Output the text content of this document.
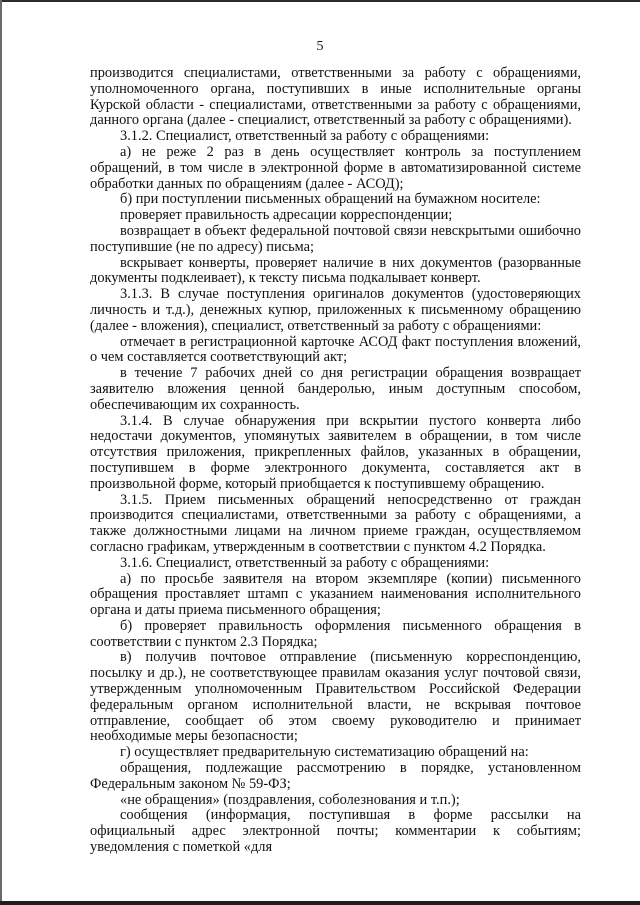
5

производится специалистами, ответственными за работу с обращениями, уполномоченного органа, поступивших в иные исполнительные органы Курской области - специалистами, ответственными за работу с обращениями, данного органа (далее - специалист, ответственный за работу с обращениями).

3.1.2. Специалист, ответственный за работу с обращениями:

а) не реже 2 раз в день осуществляет контроль за поступлением обращений, в том числе в электронной форме в автоматизированной системе обработки данных по обращениям (далее - АСОД);

б) при поступлении письменных обращений на бумажном носителе:

проверяет правильность адресации корреспонденции;

возвращает в объект федеральной почтовой связи невскрытыми ошибочно поступившие (не по адресу) письма;

вскрывает конверты, проверяет наличие в них документов (разорванные документы подклеивает), к тексту письма подкалывает конверт.

3.1.3. В случае поступления оригиналов документов (удостоверяющих личность и т.д.), денежных купюр, приложенных к письменному обращению (далее - вложения), специалист, ответственный за работу с обращениями:

отмечает в регистрационной карточке АСОД факт поступления вложений, о чем составляется соответствующий акт;

в течение 7 рабочих дней со дня регистрации обращения возвращает заявителю вложения ценной бандеролью, иным доступным способом, обеспечивающим их сохранность.

3.1.4. В случае обнаружения при вскрытии пустого конверта либо недостачи документов, упомянутых заявителем в обращении, в том числе отсутствия приложения, прикрепленных файлов, указанных в обращении, поступившем в форме электронного документа, составляется акт в произвольной форме, который приобщается к поступившему обращению.

3.1.5. Прием письменных обращений непосредственно от граждан производится специалистами, ответственными за работу с обращениями, а также должностными лицами на личном приеме граждан, осуществляемом согласно графикам, утвержденным в соответствии с пунктом 4.2 Порядка.

3.1.6. Специалист, ответственный за работу с обращениями:

а) по просьбе заявителя на втором экземпляре (копии) письменного обращения проставляет штамп с указанием наименования исполнительного органа и даты приема письменного обращения;

б) проверяет правильность оформления письменного обращения в соответствии с пунктом 2.3 Порядка;

в) получив почтовое отправление (письменную корреспонденцию, посылку и др.), не соответствующее правилам оказания услуг почтовой связи, утвержденным уполномоченным Правительством Российской Федерации федеральным органом исполнительной власти, не вскрывая почтовое отправление, сообщает об этом своему руководителю и принимает необходимые меры безопасности;

г) осуществляет предварительную систематизацию обращений на:

обращения, подлежащие рассмотрению в порядке, установленном Федеральным законом № 59-ФЗ;

«не обращения» (поздравления, соболезнования и т.п.);

сообщения (информация, поступившая в форме рассылки на официальный адрес электронной почты; комментарии к событиям; уведомления с пометкой «для
